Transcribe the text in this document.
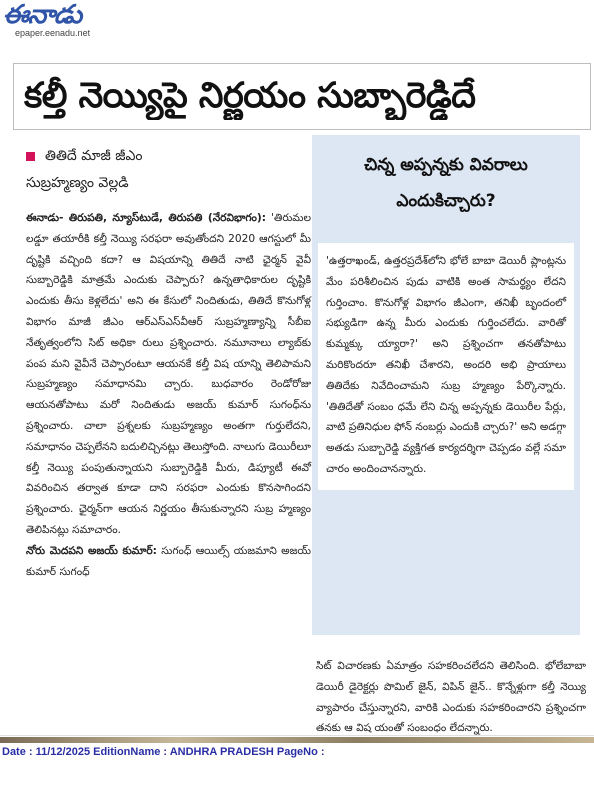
ఈనాడు
epaper.eenadu.net
కల్తీ నెయ్యిపై నిర్ణయం సుబ్బారెడ్డిదే
తితిదే మాజీ జీఎం
సుబ్రహ్మణ్యం వెల్లడి

ఈనాడు- తిరుపతి, న్యూస్‌టుడే, తిరుపతి (నేరవిభాగం): 'తిరుమల లడ్డూ తయారీకి కల్తీ నెయ్యి సరఫరా అవుతోందని 2020 ఆగస్టులో మీ దృష్టికి వచ్చింది కదా? ఆ విషయాన్ని తితిదే నాటి ఛైర్మన్ వైవీ సుబ్బారెడ్డికి మాత్రమే ఎందుకు చెప్పారు? ఉన్నతాధికారుల దృష్టికి ఎందుకు తీసు కెళ్లలేదు' అని ఈ కేసులో నిందితుడు, తితిదే కొనుగోళ్ల విభాగం మాజీ జీఎం ఆర్‌ఎస్‌ఎస్‌వీఆర్ సుబ్రహ్మణ్యాన్ని సీబీఐ నేతృత్వంలోని సిట్ అధికా రులు ప్రశ్నించారు. నమూనాలు ల్యాబ్‌కు పంప మని వైవీనే చెప్పారంటూ ఆయనకే కల్తీ విష యాన్ని తెలిపామని సుబ్రహ్మణ్యం సమాధానమి చ్చారు. బుధవారం రెండోరోజు ఆయనతోపాటు మరో నిందితుడు అజయ్ కుమార్ సుగంధ్‌ను ప్రశ్నించారు. చాలా ప్రశ్నలకు సుబ్రహ్మణ్యం అంతగా గుర్తులేదని, సమాధానం చెప్పలేనని బదులిచ్చినట్లు తెలుస్తోంది. నాలుగు డెయిరీలూ కల్తీ నెయ్యి పంపుతున్నాయని సుబ్బారెడ్డికి మీరు, డిప్యూటీ ఈవో వివరించిన తర్వాత కూడా దాని సరఫరా ఎందుకు కొనసాగిందని ప్రశ్నించారు. ఛైర్మన్‌గా ఆయన నిర్ణయం తీసుకున్నారని సుబ్ర హ్మణ్యం తెలిపినట్లు సమాచారం.

నోరు మెదపని అజయ్ కుమార్: సుగంధ్ ఆయిల్స్ యజమాని అజయ్ కుమార్ సుగంధ్

చిన్న అప్పన్నకు వివరాలు
ఎందుకిచ్చారు?
'ఉత్తరాఖండ్, ఉత్తరప్రదేశ్‌లోని భోలే బాబా డెయిరీ ప్లాంట్లను మేం పరిశీలించిన పుడు వాటికి అంత సామర్థ్యం లేదని గుర్తించాం. కొనుగోళ్ల విభాగం జీఎంగా, తనిఖీ బృందంలో సభ్యుడిగా ఉన్న మీరు ఎందుకు గుర్తించలేదు. వారితో కుమ్మక్కు య్యారా?' అని ప్రశ్నించగా తనతోపాటు మరికొందరూ తనిఖీ చేశారని, అందరి అభి ప్రాయాలు తితిదేకు నివేదించామని సుబ్ర హ్మణ్యం పేర్కొన్నారు. 'తితిదేతో సంబం ధమే లేని చిన్న అప్పన్నకు డెయిరీల పేర్లు, వాటి ప్రతినిధుల ఫోన్ నంబర్లు ఎందుకి చ్చారు?' అని అడగ్గా అతడు సుబ్బారెడ్డి వ్యక్తిగత కార్యదర్శిగా చెప్పడం వల్లే సమా చారం అందించానన్నారు.
సిట్ విచారణకు ఏమాత్రం సహకరించలేదని తెలిసింది. భోలేబాబా డెయిరీ డైరెక్టర్లు పొమిల్ జైన్, విపిన్ జైన్.. కొన్నేళ్లుగా కల్తీ నెయ్యి వ్యాపారం చేస్తున్నారని, వారికి ఎందుకు సహకరించారని ప్రశ్నించగా తనకు ఆ విష యంతో సంబంధం లేదన్నారు.
Date : 11/12/2025 EditionName : ANDHRA PRADESH PageNo :
